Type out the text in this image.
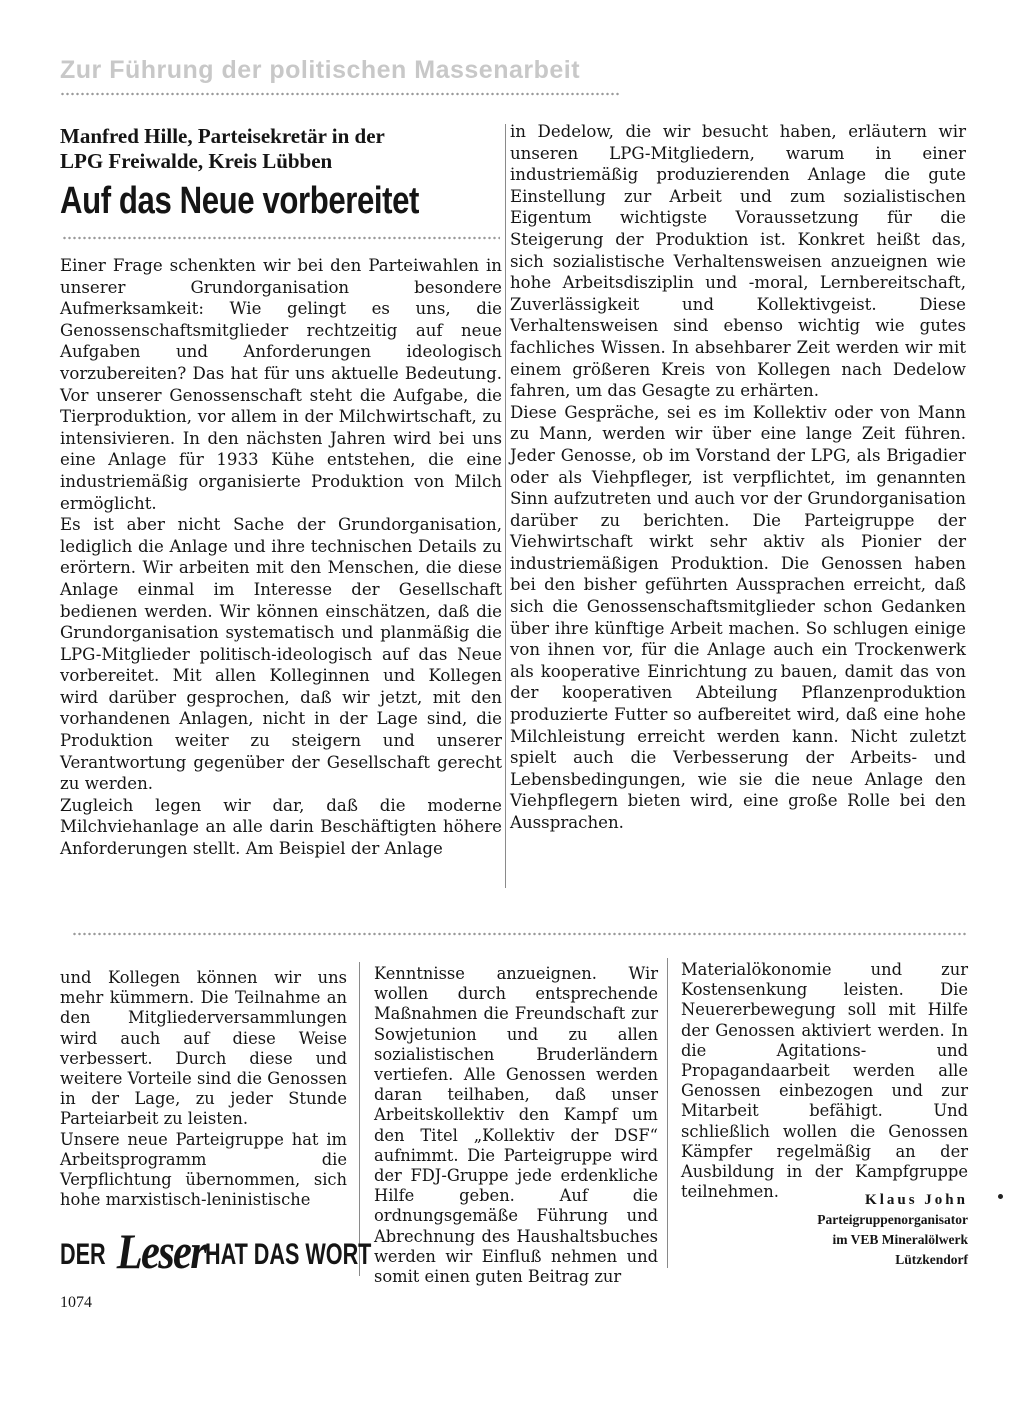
Zur Führung der politischen Massenarbeit
Manfred Hille, Parteisekretär in der
LPG Freiwalde, Kreis Lübben
Auf das Neue vorbereitet

Einer Frage schenkten wir bei den Parteiwahlen in unserer Grundorganisation besondere Aufmerksamkeit: Wie gelingt es uns, die Genossenschaftsmitglieder rechtzeitig auf neue Aufgaben und Anforderungen ideologisch vorzubereiten? Das hat für uns aktuelle Bedeutung. Vor unserer Genossenschaft steht die Aufgabe, die Tierproduktion, vor allem in der Milchwirtschaft, zu intensivieren. In den nächsten Jahren wird bei uns eine Anlage für 1933 Kühe entstehen, die eine industriemäßig organisierte Produktion von Milch ermöglicht.

Es ist aber nicht Sache der Grundorganisation, lediglich die Anlage und ihre technischen Details zu erörtern. Wir arbeiten mit den Menschen, die diese Anlage einmal im Interesse der Gesellschaft bedienen werden. Wir können einschätzen, daß die Grundorganisation systematisch und planmäßig die LPG-Mitglieder politisch-ideologisch auf das Neue vorbereitet. Mit allen Kolleginnen und Kollegen wird darüber gesprochen, daß wir jetzt, mit den vorhandenen Anlagen, nicht in der Lage sind, die Produktion weiter zu steigern und unserer Verantwortung gegenüber der Gesellschaft gerecht zu werden.

Zugleich legen wir dar, daß die moderne Milchviehanlage an alle darin Beschäftigten höhere Anforderungen stellt. Am Beispiel der Anlage

in Dedelow, die wir besucht haben, erläutern wir unseren LPG-Mitgliedern, warum in einer industriemäßig produzierenden Anlage die gute Einstellung zur Arbeit und zum sozialistischen Eigentum wichtigste Voraussetzung für die Steigerung der Produktion ist. Konkret heißt das, sich sozialistische Verhaltensweisen anzueignen wie hohe Arbeitsdisziplin und -moral, Lernbereitschaft, Zuverlässigkeit und Kollektivgeist. Diese Verhaltensweisen sind ebenso wichtig wie gutes fachliches Wissen. In absehbarer Zeit werden wir mit einem größeren Kreis von Kollegen nach Dedelow fahren, um das Gesagte zu erhärten.

Diese Gespräche, sei es im Kollektiv oder von Mann zu Mann, werden wir über eine lange Zeit führen. Jeder Genosse, ob im Vorstand der LPG, als Brigadier oder als Viehpfleger, ist verpflichtet, im genannten Sinn aufzutreten und auch vor der Grundorganisation darüber zu berichten. Die Parteigruppe der Viehwirtschaft wirkt sehr aktiv als Pionier der industriemäßigen Produktion. Die Genossen haben bei den bisher geführten Aussprachen erreicht, daß sich die Genossenschaftsmitglieder schon Gedanken über ihre künftige Arbeit machen. So schlugen einige von ihnen vor, für die Anlage auch ein Trockenwerk als kooperative Einrichtung zu bauen, damit das von der kooperativen Abteilung Pflanzenproduktion produzierte Futter so aufbereitet wird, daß eine hohe Milchleistung erreicht werden kann. Nicht zuletzt spielt auch die Verbesserung der Arbeits- und Lebensbedingungen, wie sie die neue Anlage den Viehpflegern bieten wird, eine große Rolle bei den Aussprachen.

und Kollegen können wir uns mehr kümmern. Die Teilnahme an den Mitgliederversammlungen wird auch auf diese Weise verbessert. Durch diese und weitere Vorteile sind die Genossen in der Lage, zu jeder Stunde Parteiarbeit zu leisten.

Unsere neue Parteigruppe hat im Arbeitsprogramm die Verpflichtung übernommen, sich hohe marxistisch-leninistische

Kenntnisse anzueignen. Wir wollen durch entsprechende Maßnahmen die Freundschaft zur Sowjetunion und zu allen sozialistischen Bruderländern vertiefen. Alle Genossen werden daran teilhaben, daß unser Arbeitskollektiv den Kampf um den Titel „Kollektiv der DSF“ aufnimmt. Die Parteigruppe wird der FDJ-Gruppe jede erdenkliche Hilfe geben. Auf die ordnungsgemäße Führung und Abrechnung des Haushaltsbuches werden wir Einfluß nehmen und somit einen guten Beitrag zur

Materialökonomie und zur Kostensenkung leisten. Die Neuererbewegung soll mit Hilfe der Genossen aktiviert werden. In die Agitations- und Propagandaarbeit werden alle Genossen einbezogen und zur Mitarbeit befähigt. Und schließlich wollen die Genossen Kämpfer regelmäßig an der Ausbildung in der Kampfgruppe teilnehmen.	Klaus John
Parteigruppenorganisator
im VEB Mineralölwerk
Lützkendorf
DER Leser HAT DAS WORT
1074
